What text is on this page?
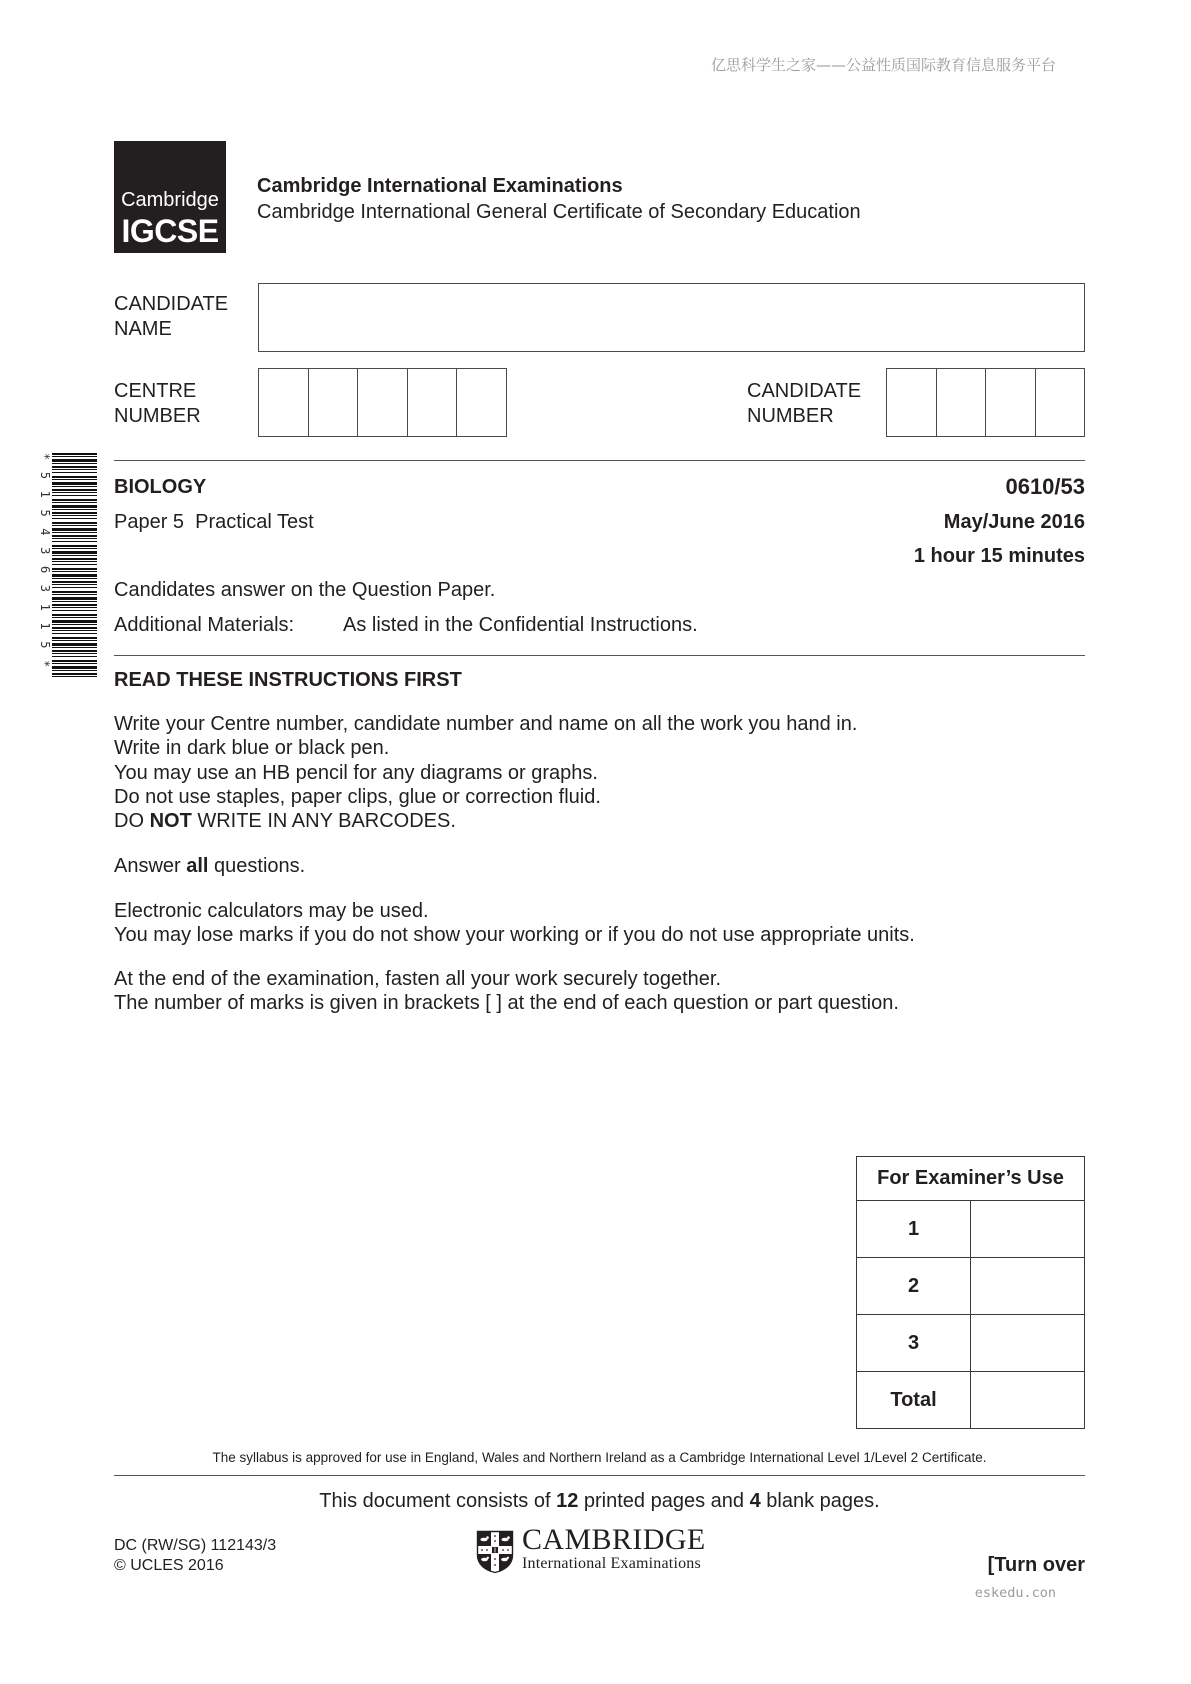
亿思科学生之家——公益性质国际教育信息服务平台
Cambridge
IGCSE
Cambridge International Examinations
Cambridge International General Certificate of Secondary Education
CANDIDATE
NAME
CENTRE
NUMBER
CANDIDATE
NUMBER
*5154363115*	BIOLOGY	0610/53
Paper 5  Practical Test	May/June 2016
1 hour 15 minutes
Candidates answer on the Question Paper.
Additional Materials: As listed in the Confidential Instructions.
READ THESE INSTRUCTIONS FIRST
Write your Centre number, candidate number and name on all the work you hand in.
Write in dark blue or black pen.
You may use an HB pencil for any diagrams or graphs.
Do not use staples, paper clips, glue or correction fluid.
DO NOT WRITE IN ANY BARCODES.
Answer all questions.
Electronic calculators may be used.
You may lose marks if you do not show your working or if you do not use appropriate units.
At the end of the examination, fasten all your work securely together.
The number of marks is given in brackets [ ] at the end of each question or part question.
For Examiner’s Use	
1	
2	
3	
Total	
The syllabus is approved for use in England, Wales and Northern Ireland as a Cambridge International Level 1/Level 2 Certificate.
This document consists of 12 printed pages and 4 blank pages.
DC (RW/SG) 112143/3
© UCLES 2016
CAMBRIDGE
International Examinations	[Turn over
eskedu.con
